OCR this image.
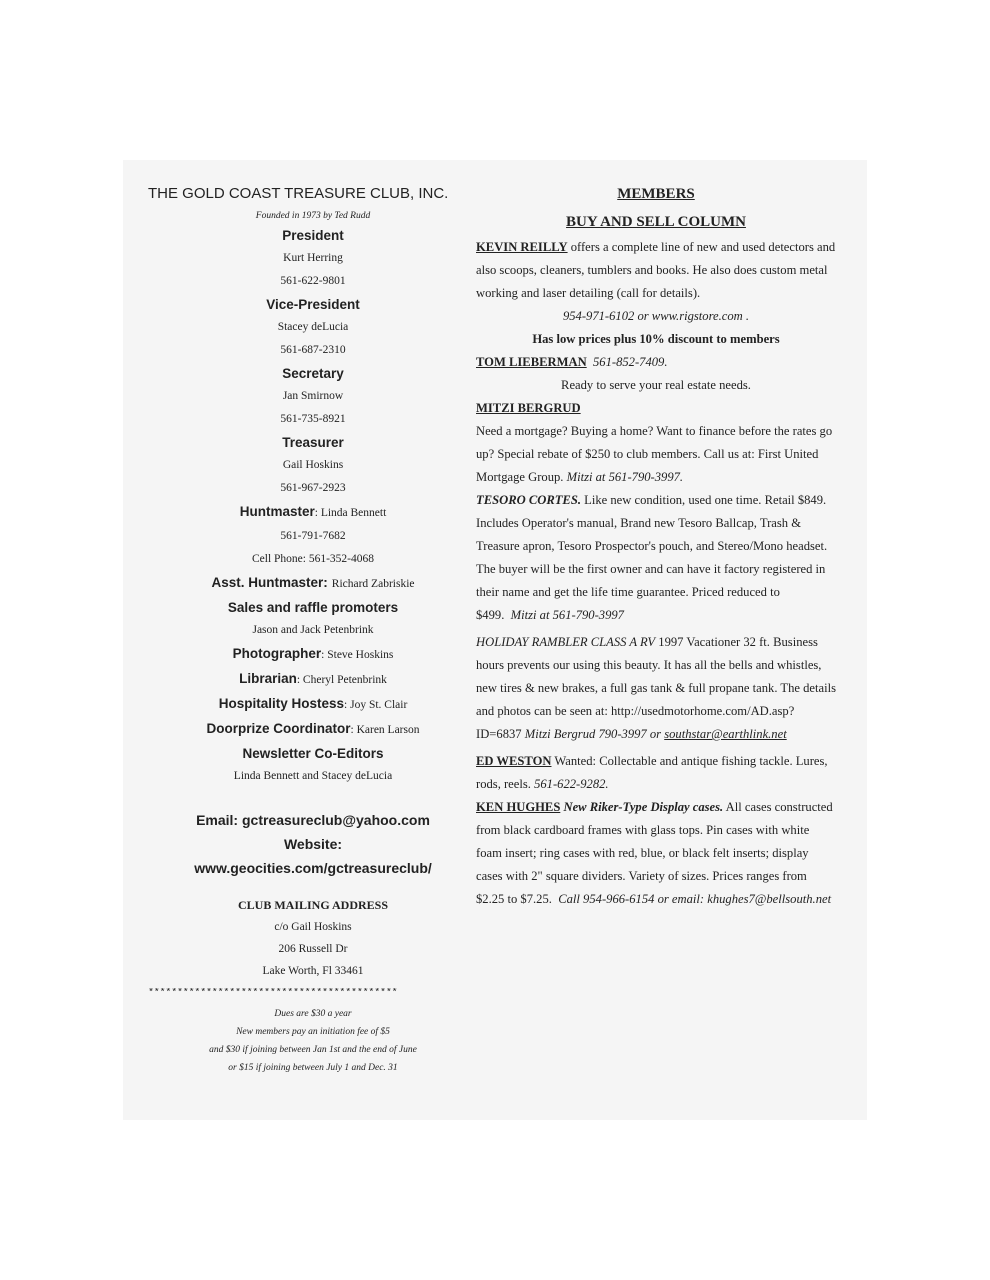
THE GOLD COAST TREASURE CLUB, INC.

Founded in 1973 by Ted Rudd
President
Kurt Herring
561-622-9801
Vice-President
Stacey deLucia
561-687-2310
Secretary
Jan Smirnow
561-735-8921
Treasurer
Gail Hoskins
561-967-2923
Huntmaster: Linda Bennett
561-791-7682
Cell Phone: 561-352-4068
Asst. Huntmaster: Richard Zabriskie
Sales and raffle promoters
Jason and Jack Petenbrink
Photographer: Steve Hoskins
Librarian: Cheryl Petenbrink
Hospitality Hostess: Joy St. Clair
Doorprize Coordinator: Karen Larson
Newsletter Co-Editors
Linda Bennett and Stacey deLucia
Email: gctreasureclub@yahoo.com
Website:
www.geocities.com/gctreasureclub/
CLUB MAILING ADDRESS
c/o Gail Hoskins
206 Russell Dr
Lake Worth, Fl 33461
*******************************************
Dues are $30 a year
New members pay an initiation fee of $5
and $30 if joining between Jan 1st and the end of June
or $15 if joining between July 1 and Dec. 31

MEMBERS

BUY AND SELL COLUMN

KEVIN REILLY offers a complete line of new and used detectors and also scoops, cleaners, tumblers and books. He also does custom metal working and laser detailing (call for details).

954-971-6102 or www.rigstore.com .

Has low prices plus 10% discount to members

TOM LIEBERMAN 561-852-7409.

Ready to serve your real estate needs.

MITZI BERGRUD

Need a mortgage? Buying a home? Want to finance before the rates go up? Special rebate of $250 to club members. Call us at: First United Mortgage Group. Mitzi at 561-790-3997.

TESORO CORTES. Like new condition, used one time. Retail $849. Includes Operator's manual, Brand new Tesoro Ballcap, Trash & Treasure apron, Tesoro Prospector's pouch, and Stereo/Mono headset. The buyer will be the first owner and can have it factory registered in their name and get the life time guarantee. Priced reduced to $499. Mitzi at 561-790-3997

HOLIDAY RAMBLER CLASS A RV 1997 Vacationer 32 ft. Business hours prevents our using this beauty. It has all the bells and whistles, new tires & new brakes, a full gas tank & full propane tank. The details and photos can be seen at: http://usedmotorhome.com/AD.asp?ID=6837 Mitzi Bergrud 790-3997 or southstar@earthlink.net

ED WESTON Wanted: Collectable and antique fishing tackle. Lures, rods, reels. 561-622-9282.

KEN HUGHES New Riker-Type Display cases. All cases constructed from black cardboard frames with glass tops. Pin cases with white foam insert; ring cases with red, blue, or black felt inserts; display cases with 2" square dividers. Variety of sizes. Prices ranges from $2.25 to $7.25. Call 954-966-6154 or email: khughes7@bellsouth.net
